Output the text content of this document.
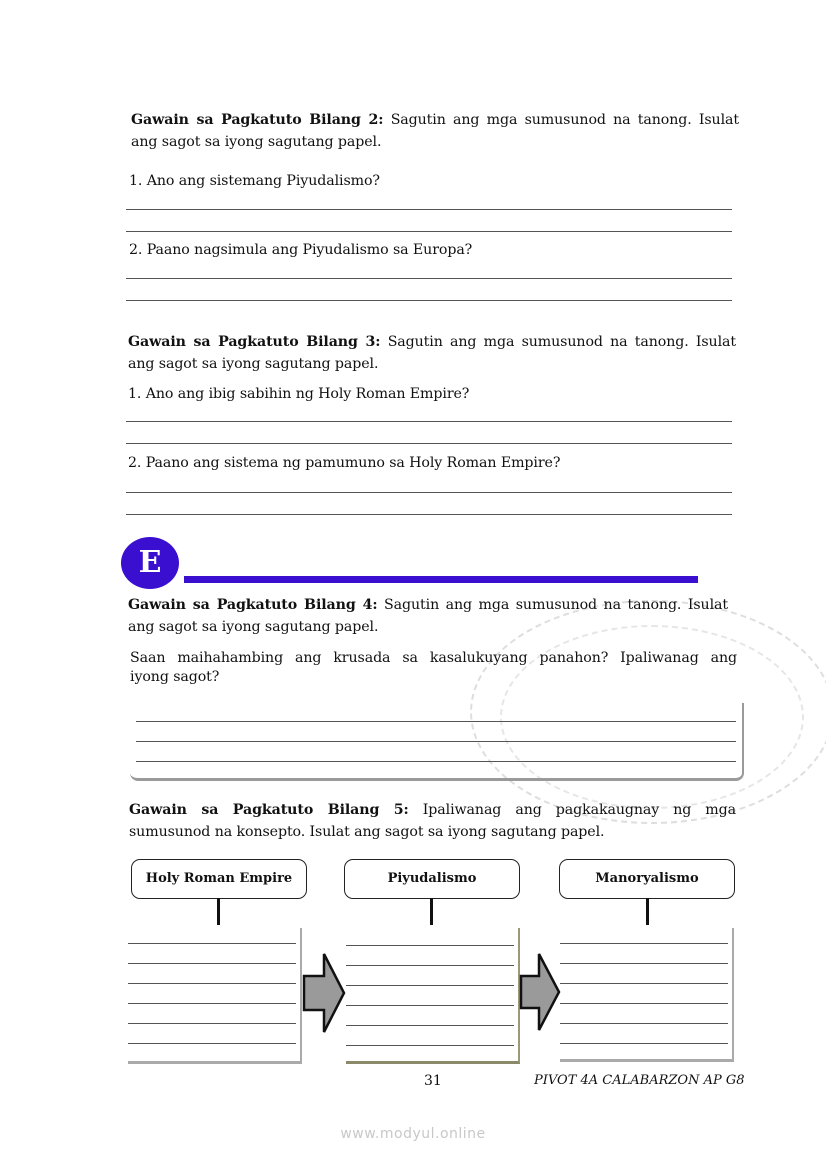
Gawain sa Pagkatuto Bilang 2: Sagutin ang mga sumusunod na tanong. Isulat
ang sagot sa iyong sagutang papel.
1. Ano ang sistemang Piyudalismo?
2. Paano nagsimula ang Piyudalismo sa Europa?
Gawain sa Pagkatuto Bilang 3: Sagutin ang mga sumusunod na tanong. Isulat
ang sagot sa iyong sagutang papel.
1. Ano ang ibig sabihin ng Holy Roman Empire?
2. Paano ang sistema ng pamumuno sa Holy Roman Empire?
E
Gawain sa Pagkatuto Bilang 4: Sagutin ang mga sumusunod na tanong. Isulat
ang sagot sa iyong sagutang papel.
Saan maihahambing ang krusada sa kasalukuyang panahon? Ipaliwanag ang
iyong sagot?
Gawain sa Pagkatuto Bilang 5: Ipaliwanag ang pagkakaugnay ng mga
sumusunod na konsepto. Isulat ang sagot sa iyong sagutang papel.
Holy Roman Empire	Piyudalismo	Manoryalismo
31	PIVOT 4A CALABARZON AP G8
www.modyul.online
